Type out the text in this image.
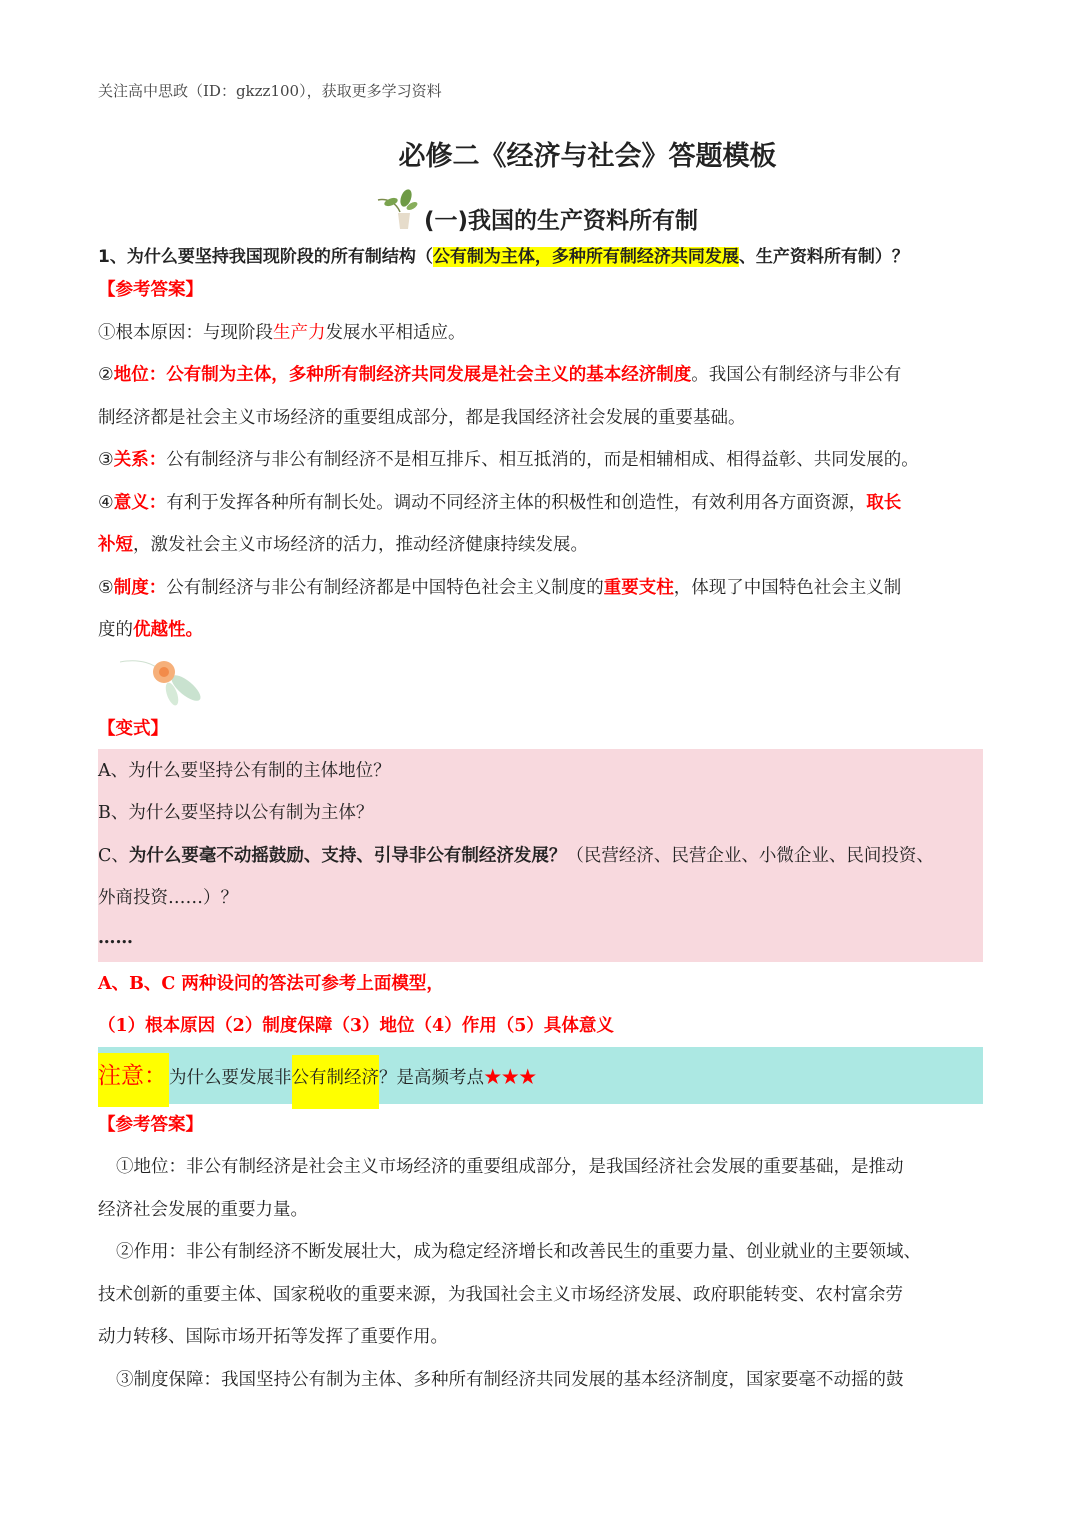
关注高中思政（ID：gkzz100），获取更多学习资料
必修二《经济与社会》答题模板
(一)我国的生产资料所有制
1、为什么要坚持我国现阶段的所有制结构（公有制为主体，多种所有制经济共同发展、生产资料所有制）？
【参考答案】
①根本原因：与现阶段生产力发展水平相适应。
②地位：公有制为主体，多种所有制经济共同发展是社会主义的基本经济制度。我国公有制经济与非公有
制经济都是社会主义市场经济的重要组成部分，都是我国经济社会发展的重要基础。
③关系：公有制经济与非公有制经济不是相互排斥、相互抵消的，而是相辅相成、相得益彰、共同发展的。
④意义：有利于发挥各种所有制长处。调动不同经济主体的积极性和创造性，有效利用各方面资源，取长
补短，激发社会主义市场经济的活力，推动经济健康持续发展。
⑤制度：公有制经济与非公有制经济都是中国特色社会主义制度的重要支柱，体现了中国特色社会主义制
度的优越性。
【变式】
A、为什么要坚持公有制的主体地位？
B、为什么要坚持以公有制为主体？
C、为什么要毫不动摇鼓励、支持、引导非公有制经济发展？（民营经济、民营企业、小微企业、民间投资、
外商投资……）？
……
A、B、C 两种设问的答法可参考上面模型，
（1）根本原因（2）制度保障（3）地位（4）作用（5）具体意义
注意： 为什么要发展非公有制经济？是高频考点★★★
【参考答案】
①地位：非公有制经济是社会主义市场经济的重要组成部分，是我国经济社会发展的重要基础，是推动
经济社会发展的重要力量。
②作用：非公有制经济不断发展壮大，成为稳定经济增长和改善民生的重要力量、创业就业的主要领域、
技术创新的重要主体、国家税收的重要来源，为我国社会主义市场经济发展、政府职能转变、农村富余劳
动力转移、国际市场开拓等发挥了重要作用。
③制度保障：我国坚持公有制为主体、多种所有制经济共同发展的基本经济制度，国家要毫不动摇的鼓
